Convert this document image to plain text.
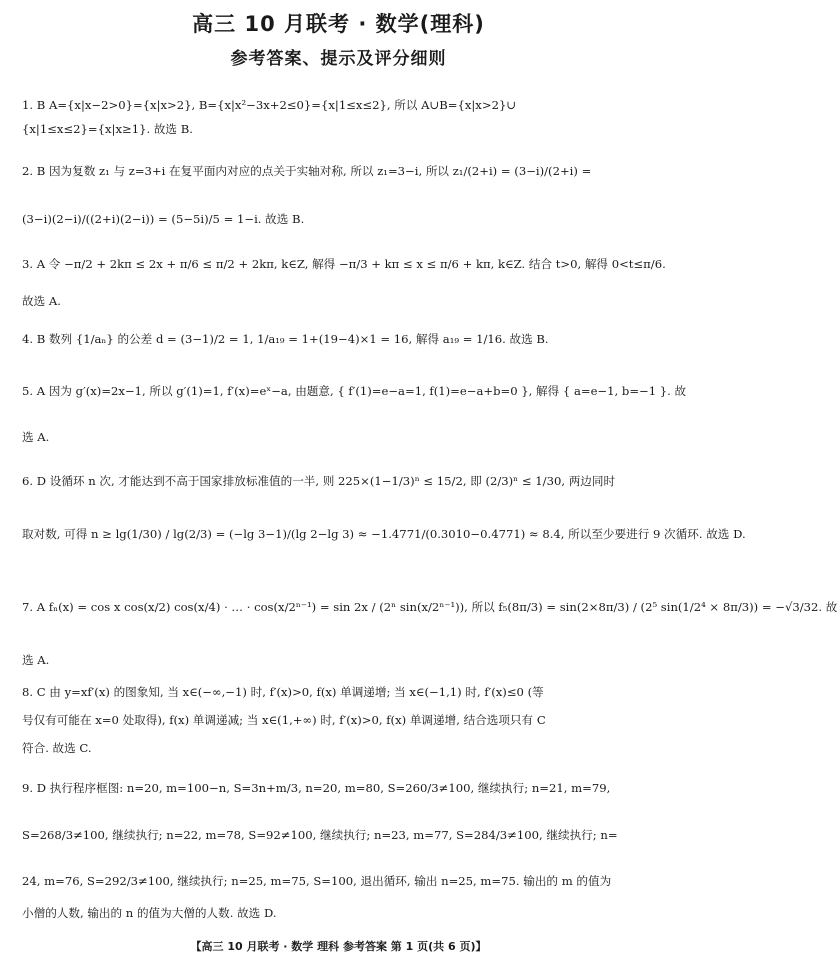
高三 10 月联考 · 数学(理科)
参考答案、提示及评分细则
1. B A={x|x−2>0}={x|x>2}, B={x|x²−3x+2≤0}={x|1≤x≤2}, 所以 A∪B={x|x>2}∪
{x|1≤x≤2}={x|x≥1}. 故选 B.
2. B 因为复数 z₁ 与 z=3+i 在复平面内对应的点关于实轴对称, 所以 z₁=3−i, 所以 z₁/(2+i) = (3−i)/(2+i) =
(3−i)(2−i)/((2+i)(2−i)) = (5−5i)/5 = 1−i. 故选 B.
3. A 令 −π/2 + 2kπ ≤ 2x + π/6 ≤ π/2 + 2kπ, k∈Z, 解得 −π/3 + kπ ≤ x ≤ π/6 + kπ, k∈Z. 结合 t>0, 解得 0<t≤π/6.
故选 A.
4. B 数列 {1/aₙ} 的公差 d = (3−1)/2 = 1, 1/a₁₉ = 1+(19−4)×1 = 16, 解得 a₁₉ = 1/16. 故选 B.
5. A 因为 g′(x)=2x−1, 所以 g′(1)=1, f′(x)=eˣ−a, 由题意, { f′(1)=e−a=1, f(1)=e−a+b=0 }, 解得 { a=e−1, b=−1 }. 故
选 A.
6. D 设循环 n 次, 才能达到不高于国家排放标准值的一半, 则 225×(1−1/3)ⁿ ≤ 15/2, 即 (2/3)ⁿ ≤ 1/30, 两边同时
取对数, 可得 n ≥ lg(1/30) / lg(2/3) = (−lg 3−1)/(lg 2−lg 3) ≈ −1.4771/(0.3010−0.4771) ≈ 8.4, 所以至少要进行 9 次循环. 故选 D.
7. A fₙ(x) = cos x cos(x/2) cos(x/4) · … · cos(x/2ⁿ⁻¹) = sin 2x / (2ⁿ sin(x/2ⁿ⁻¹)), 所以 f₅(8π/3) = sin(2×8π/3) / (2⁵ sin(1/2⁴ × 8π/3)) = −√3/32. 故
选 A.
8. C 由 y=xf′(x) 的图象知, 当 x∈(−∞,−1) 时, f′(x)>0, f(x) 单调递增; 当 x∈(−1,1) 时, f′(x)≤0 (等
号仅有可能在 x=0 处取得), f(x) 单调递减; 当 x∈(1,+∞) 时, f′(x)>0, f(x) 单调递增, 结合选项只有 C
符合. 故选 C.
9. D 执行程序框图: n=20, m=100−n, S=3n+m/3, n=20, m=80, S=260/3≠100, 继续执行; n=21, m=79,
S=268/3≠100, 继续执行; n=22, m=78, S=92≠100, 继续执行; n=23, m=77, S=284/3≠100, 继续执行; n=
24, m=76, S=292/3≠100, 继续执行; n=25, m=75, S=100, 退出循环, 输出 n=25, m=75. 输出的 m 的值为
小僧的人数, 输出的 n 的值为大僧的人数. 故选 D.
【高三 10 月联考 · 数学 理科 参考答案 第 1 页(共 6 页)】
